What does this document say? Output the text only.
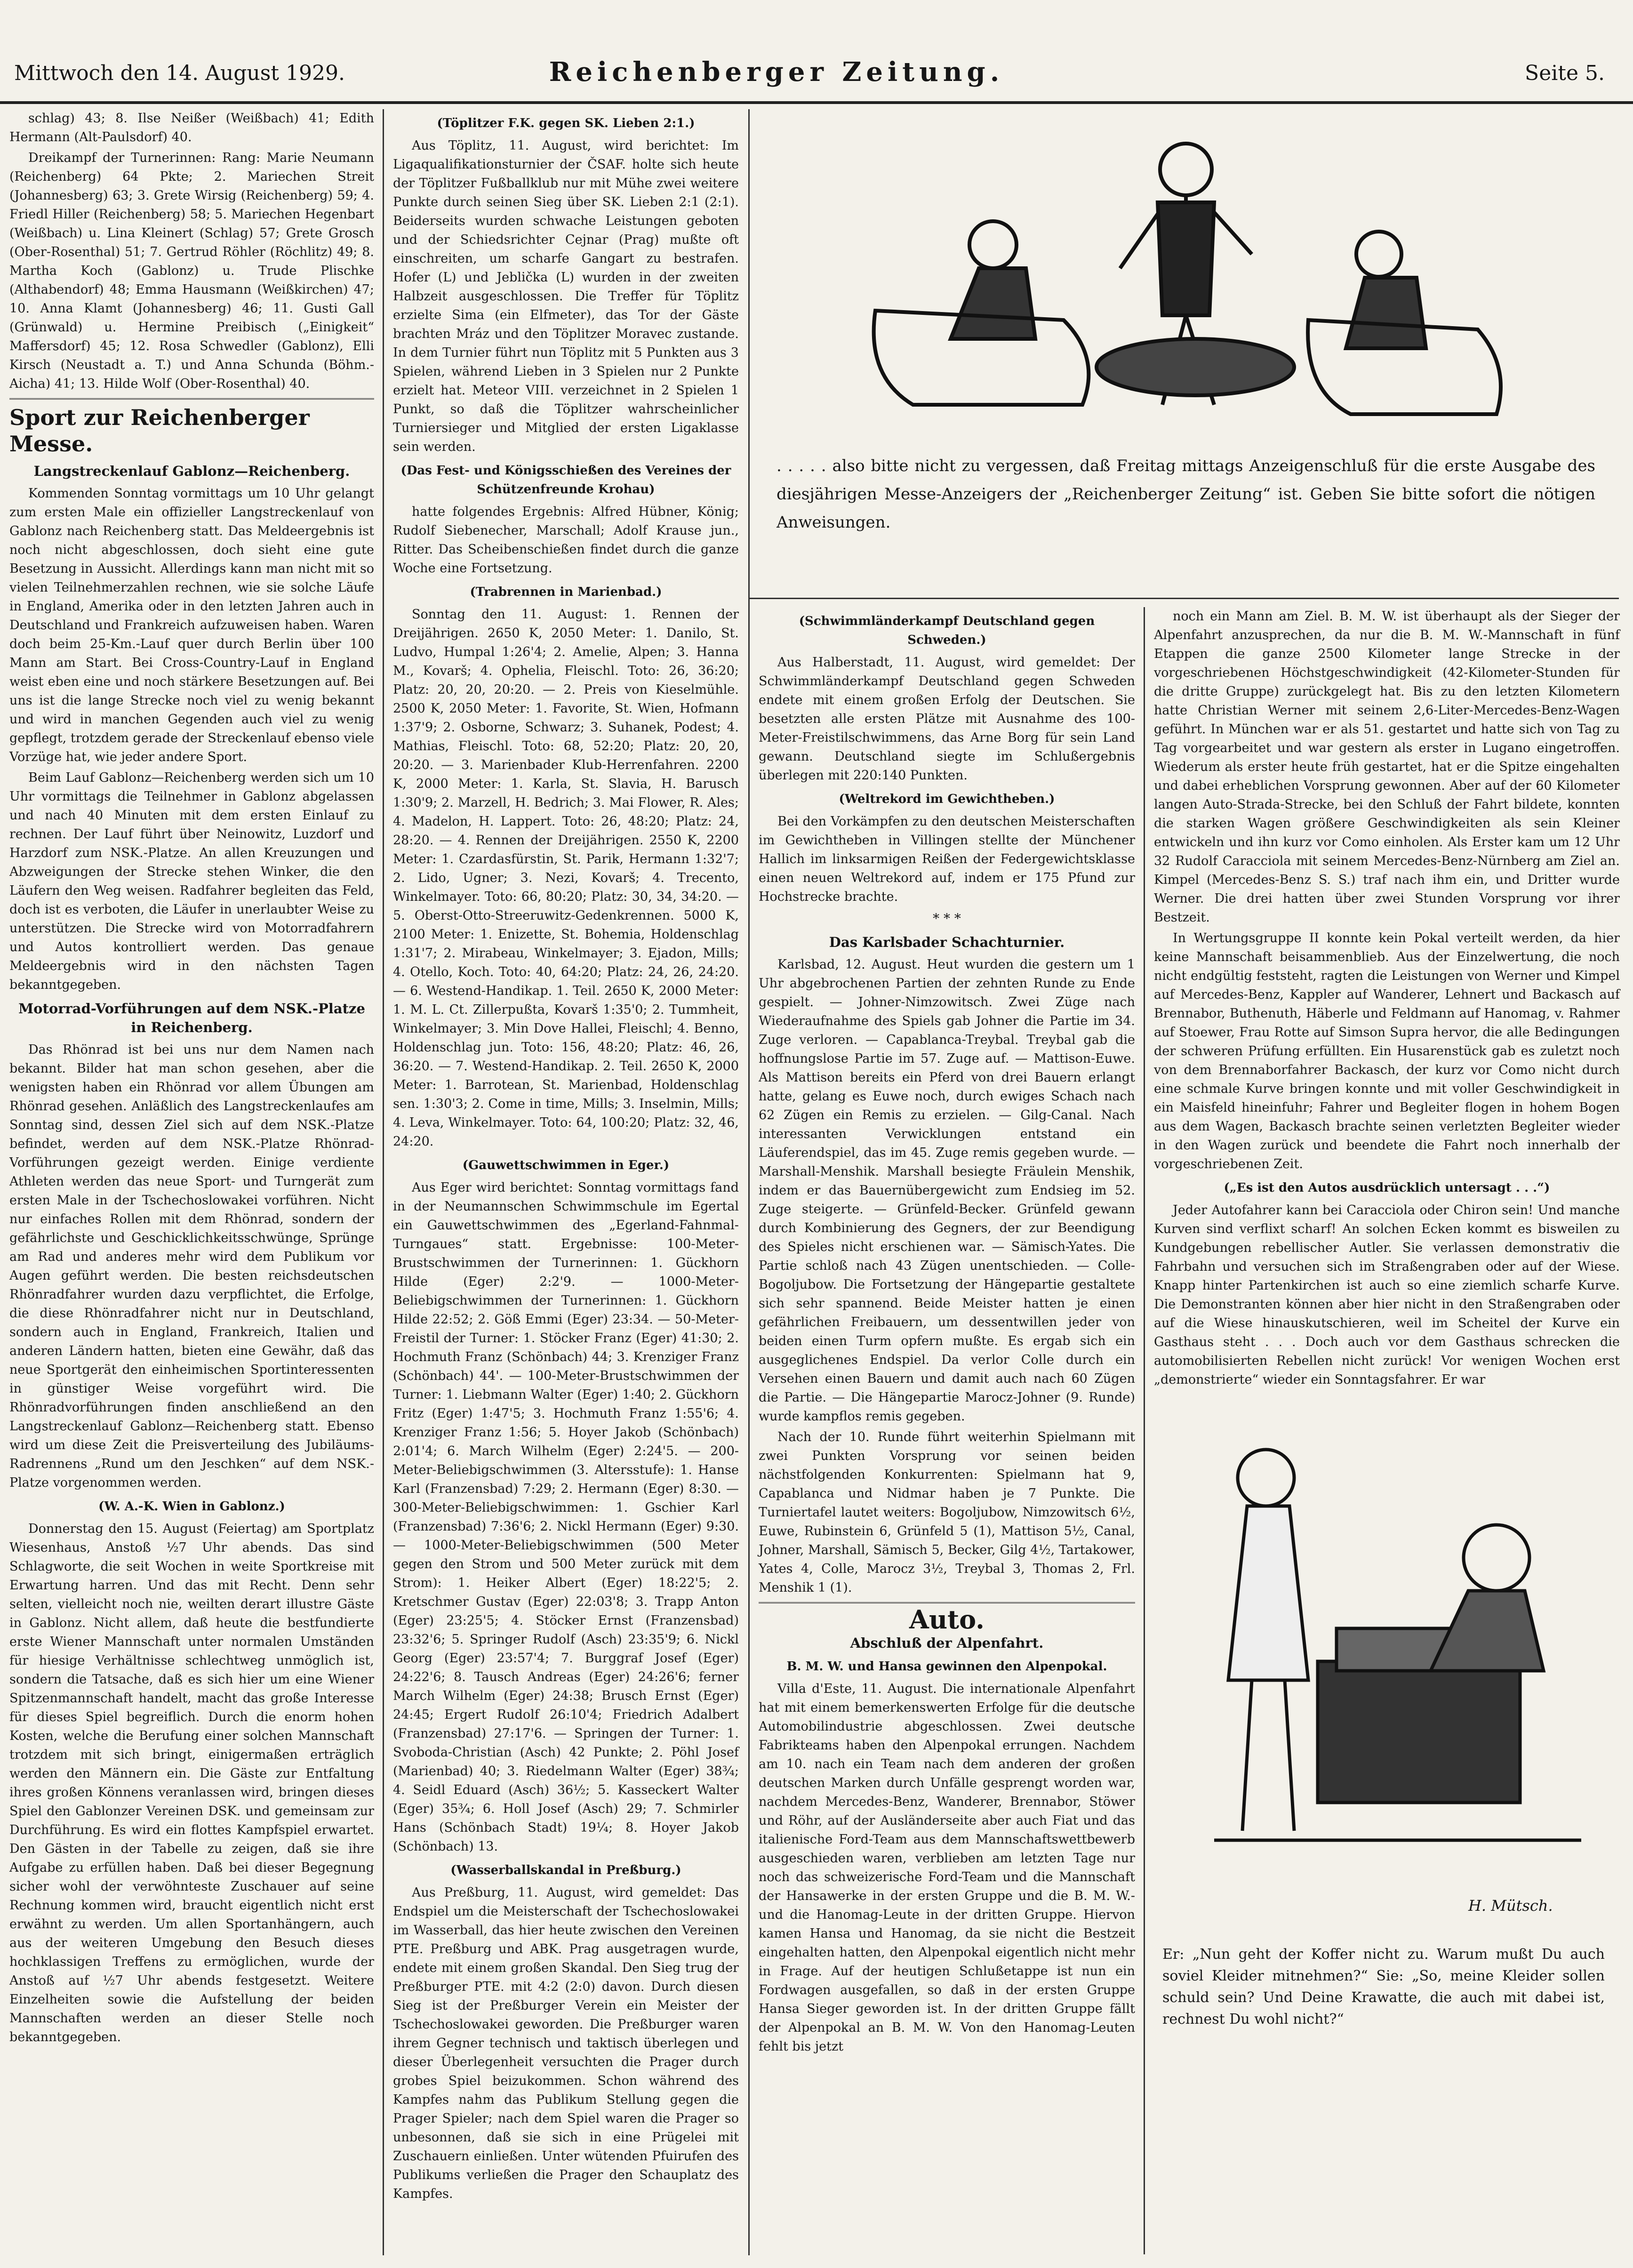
Mittwoch den 14. August 1929.	Reichenberger Zeitung.	Seite 5.

schlag) 43; 8. Ilse Neißer (Weißbach) 41; Edith Hermann (Alt-Paulsdorf) 40.

Dreikampf der Turnerinnen: Rang: Marie Neumann (Reichenberg) 64 Pkte; 2. Mariechen Streit (Johannesberg) 63; 3. Grete Wirsig (Reichenberg) 59; 4. Friedl Hiller (Reichenberg) 58; 5. Mariechen Hegenbart (Weißbach) u. Lina Kleinert (Schlag) 57; Grete Grosch (Ober-Rosenthal) 51; 7. Gertrud Röhler (Röchlitz) 49; 8. Martha Koch (Gablonz) u. Trude Plischke (Althabendorf) 48; Emma Hausmann (Weißkirchen) 47; 10. Anna Klamt (Johannesberg) 46; 11. Gusti Gall (Grünwald) u. Hermine Preibisch („Einigkeit“ Maffersdorf) 45; 12. Rosa Schwedler (Gablonz), Elli Kirsch (Neustadt a. T.) und Anna Schunda (Böhm.-Aicha) 41; 13. Hilde Wolf (Ober-Rosenthal) 40.

Sport zur Reichenberger Messe.
Langstreckenlauf Gablonz—Reichenberg.

Kommenden Sonntag vormittags um 10 Uhr gelangt zum ersten Male ein offizieller Langstreckenlauf von Gablonz nach Reichenberg statt. Das Meldeergebnis ist noch nicht abgeschlossen, doch sieht eine gute Besetzung in Aussicht. Allerdings kann man nicht mit so vielen Teilnehmerzahlen rechnen, wie sie solche Läufe in England, Amerika oder in den letzten Jahren auch in Deutschland und Frankreich aufzuweisen haben. Waren doch beim 25-Km.-Lauf quer durch Berlin über 100 Mann am Start. Bei Cross-Country-Lauf in England weist eben eine und noch stärkere Besetzungen auf. Bei uns ist die lange Strecke noch viel zu wenig bekannt und wird in manchen Gegenden auch viel zu wenig gepflegt, trotzdem gerade der Streckenlauf ebenso viele Vorzüge hat, wie jeder andere Sport.

Beim Lauf Gablonz—Reichenberg werden sich um 10 Uhr vormittags die Teilnehmer in Gablonz abgelassen und nach 40 Minuten mit dem ersten Einlauf zu rechnen. Der Lauf führt über Neinowitz, Luzdorf und Harzdorf zum NSK.-Platze. An allen Kreuzungen und Abzweigungen der Strecke stehen Winker, die den Läufern den Weg weisen. Radfahrer begleiten das Feld, doch ist es verboten, die Läufer in unerlaubter Weise zu unterstützen. Die Strecke wird von Motorradfahrern und Autos kontrolliert werden. Das genaue Meldeergebnis wird in den nächsten Tagen bekanntgegeben.

Motorrad-Vorführungen auf dem NSK.-Platze in Reichenberg.

Das Rhönrad ist bei uns nur dem Namen nach bekannt. Bilder hat man schon gesehen, aber die wenigsten haben ein Rhönrad vor allem Übungen am Rhönrad gesehen. Anläßlich des Langstreckenlaufes am Sonntag sind, dessen Ziel sich auf dem NSK.-Platze befindet, werden auf dem NSK.-Platze Rhönrad-Vorführungen gezeigt werden. Einige verdiente Athleten werden das neue Sport- und Turngerät zum ersten Male in der Tschechoslowakei vorführen. Nicht nur einfaches Rollen mit dem Rhönrad, sondern der gefährlichste und Geschicklichkeitsschwünge, Sprünge am Rad und anderes mehr wird dem Publikum vor Augen geführt werden. Die besten reichsdeutschen Rhönradfahrer wurden dazu verpflichtet, die Erfolge, die diese Rhönradfahrer nicht nur in Deutschland, sondern auch in England, Frankreich, Italien und anderen Ländern hatten, bieten eine Gewähr, daß das neue Sportgerät den einheimischen Sportinteressenten in günstiger Weise vorgeführt wird. Die Rhönradvorführungen finden anschließend an den Langstreckenlauf Gablonz—Reichenberg statt. Ebenso wird um diese Zeit die Preisverteilung des Jubiläums-Radrennens „Rund um den Jeschken“ auf dem NSK.-Platze vorgenommen werden.

(W. A.-K. Wien in Gablonz.)

Donnerstag den 15. August (Feiertag) am Sportplatz Wiesenhaus, Anstoß ½7 Uhr abends. Das sind Schlagworte, die seit Wochen in weite Sportkreise mit Erwartung harren. Und das mit Recht. Denn sehr selten, vielleicht noch nie, weilten derart illustre Gäste in Gablonz. Nicht allem, daß heute die bestfundierte erste Wiener Mannschaft unter normalen Umständen für hiesige Verhältnisse schlechtweg unmöglich ist, sondern die Tatsache, daß es sich hier um eine Wiener Spitzenmannschaft handelt, macht das große Interesse für dieses Spiel begreiflich. Durch die enorm hohen Kosten, welche die Berufung einer solchen Mannschaft trotzdem mit sich bringt, einigermaßen erträglich werden den Männern ein. Die Gäste zur Entfaltung ihres großen Könnens veranlassen wird, bringen dieses Spiel den Gablonzer Vereinen DSK. und gemeinsam zur Durchführung. Es wird ein flottes Kampfspiel erwartet. Den Gästen in der Tabelle zu zeigen, daß sie ihre Aufgabe zu erfüllen haben. Daß bei dieser Begegnung sicher wohl der verwöhnteste Zuschauer auf seine Rechnung kommen wird, braucht eigentlich nicht erst erwähnt zu werden. Um allen Sportanhängern, auch aus der weiteren Umgebung den Besuch dieses hochklassigen Treffens zu ermöglichen, wurde der Anstoß auf ½7 Uhr abends festgesetzt. Weitere Einzelheiten sowie die Aufstellung der beiden Mannschaften werden an dieser Stelle noch bekanntgegeben.

(Töplitzer F.K. gegen SK. Lieben 2:1.)

Aus Töplitz, 11. August, wird berichtet: Im Ligaqualifikationsturnier der ČSAF. holte sich heute der Töplitzer Fußballklub nur mit Mühe zwei weitere Punkte durch seinen Sieg über SK. Lieben 2:1 (2:1). Beiderseits wurden schwache Leistungen geboten und der Schiedsrichter Cejnar (Prag) mußte oft einschreiten, um scharfe Gangart zu bestrafen. Hofer (L) und Jeblička (L) wurden in der zweiten Halbzeit ausgeschlossen. Die Treffer für Töplitz erzielte Sima (ein Elfmeter), das Tor der Gäste brachten Mráz und den Töplitzer Moravec zustande. In dem Turnier führt nun Töplitz mit 5 Punkten aus 3 Spielen, während Lieben in 3 Spielen nur 2 Punkte erzielt hat. Meteor VIII. verzeichnet in 2 Spielen 1 Punkt, so daß die Töplitzer wahrscheinlicher Turniersieger und Mitglied der ersten Ligaklasse sein werden.

(Das Fest- und Königsschießen des Vereines der Schützenfreunde Krohau)

hatte folgendes Ergebnis: Alfred Hübner, König; Rudolf Siebenecher, Marschall; Adolf Krause jun., Ritter. Das Scheibenschießen findet durch die ganze Woche eine Fortsetzung.

(Trabrennen in Marienbad.)

Sonntag den 11. August: 1. Rennen der Dreijährigen. 2650 K, 2050 Meter: 1. Danilo, St. Ludvo, Humpal 1:26'4; 2. Amelie, Alpen; 3. Hanna M., Kovarš; 4. Ophelia, Fleischl. Toto: 26, 36:20; Platz: 20, 20, 20:20. — 2. Preis von Kieselmühle. 2500 K, 2050 Meter: 1. Favorite, St. Wien, Hofmann 1:37'9; 2. Osborne, Schwarz; 3. Suhanek, Podest; 4. Mathias, Fleischl. Toto: 68, 52:20; Platz: 20, 20, 20:20. — 3. Marienbader Klub-Herrenfahren. 2200 K, 2000 Meter: 1. Karla, St. Slavia, H. Barusch 1:30'9; 2. Marzell, H. Bedrich; 3. Mai Flower, R. Ales; 4. Madelon, H. Lappert. Toto: 26, 48:20; Platz: 24, 28:20. — 4. Rennen der Dreijährigen. 2550 K, 2200 Meter: 1. Czardasfürstin, St. Parik, Hermann 1:32'7; 2. Lido, Ugner; 3. Nezi, Kovarš; 4. Trecento, Winkelmayer. Toto: 66, 80:20; Platz: 30, 34, 34:20. — 5. Oberst-Otto-Streeruwitz-Gedenkrennen. 5000 K, 2100 Meter: 1. Enizette, St. Bohemia, Holdenschlag 1:31'7; 2. Mirabeau, Winkelmayer; 3. Ejadon, Mills; 4. Otello, Koch. Toto: 40, 64:20; Platz: 24, 26, 24:20. — 6. Westend-Handikap. 1. Teil. 2650 K, 2000 Meter: 1. M. L. Ct. Zillerpußta, Kovarš 1:35'0; 2. Tummheit, Winkelmayer; 3. Min Dove Hallei, Fleischl; 4. Benno, Holdenschlag jun. Toto: 156, 48:20; Platz: 46, 26, 36:20. — 7. Westend-Handikap. 2. Teil. 2650 K, 2000 Meter: 1. Barrotean, St. Marienbad, Holdenschlag sen. 1:30'3; 2. Come in time, Mills; 3. Inselmin, Mills; 4. Leva, Winkelmayer. Toto: 64, 100:20; Platz: 32, 46, 24:20.

(Gauwettschwimmen in Eger.)

Aus Eger wird berichtet: Sonntag vormittags fand in der Neumannschen Schwimmschule im Egertal ein Gauwettschwimmen des „Egerland-Fahnmal-Turngaues“ statt. Ergebnisse: 100-Meter-Brustschwimmen der Turnerinnen: 1. Gückhorn Hilde (Eger) 2:2'9. — 1000-Meter-Beliebigschwimmen der Turnerinnen: 1. Gückhorn Hilde 22:52; 2. Göß Emmi (Eger) 23:34. — 50-Meter-Freistil der Turner: 1. Stöcker Franz (Eger) 41:30; 2. Hochmuth Franz (Schönbach) 44; 3. Krenziger Franz (Schönbach) 44'. — 100-Meter-Brustschwimmen der Turner: 1. Liebmann Walter (Eger) 1:40; 2. Gückhorn Fritz (Eger) 1:47'5; 3. Hochmuth Franz 1:55'6; 4. Krenziger Franz 1:56; 5. Hoyer Jakob (Schönbach) 2:01'4; 6. March Wilhelm (Eger) 2:24'5. — 200-Meter-Beliebigschwimmen (3. Altersstufe): 1. Hanse Karl (Franzensbad) 7:29; 2. Hermann (Eger) 8:30. — 300-Meter-Beliebigschwimmen: 1. Gschier Karl (Franzensbad) 7:36'6; 2. Nickl Hermann (Eger) 9:30. — 1000-Meter-Beliebigschwimmen (500 Meter gegen den Strom und 500 Meter zurück mit dem Strom): 1. Heiker Albert (Eger) 18:22'5; 2. Kretschmer Gustav (Eger) 22:03'8; 3. Trapp Anton (Eger) 23:25'5; 4. Stöcker Ernst (Franzensbad) 23:32'6; 5. Springer Rudolf (Asch) 23:35'9; 6. Nickl Georg (Eger) 23:57'4; 7. Burggraf Josef (Eger) 24:22'6; 8. Tausch Andreas (Eger) 24:26'6; ferner March Wilhelm (Eger) 24:38; Brusch Ernst (Eger) 24:45; Ergert Rudolf 26:10'4; Friedrich Adalbert (Franzensbad) 27:17'6. — Springen der Turner: 1. Svoboda-Christian (Asch) 42 Punkte; 2. Pöhl Josef (Marienbad) 40; 3. Riedelmann Walter (Eger) 38¾; 4. Seidl Eduard (Asch) 36½; 5. Kasseckert Walter (Eger) 35¾; 6. Holl Josef (Asch) 29; 7. Schmirler Hans (Schönbach Stadt) 19¼; 8. Hoyer Jakob (Schönbach) 13.

(Wasserballskandal in Preßburg.)

Aus Preßburg, 11. August, wird gemeldet: Das Endspiel um die Meisterschaft der Tschechoslowakei im Wasserball, das hier heute zwischen den Vereinen PTE. Preßburg und ABK. Prag ausgetragen wurde, endete mit einem großen Skandal. Den Sieg trug der Preßburger PTE. mit 4:2 (2:0) davon. Durch diesen Sieg ist der Preßburger Verein ein Meister der Tschechoslowakei geworden. Die Preßburger waren ihrem Gegner technisch und taktisch überlegen und dieser Überlegenheit versuchten die Prager durch grobes Spiel beizukommen. Schon während des Kampfes nahm das Publikum Stellung gegen die Prager Spieler; nach dem Spiel waren die Prager so unbesonnen, daß sie sich in eine Prügelei mit Zuschauern einließen. Unter wütenden Pfuirufen des Publikums verließen die Prager den Schauplatz des Kampfes.

. . . . . also bitte nicht zu vergessen, daß Freitag mittags Anzeigenschluß für die erste Ausgabe des diesjährigen Messe-Anzeigers der „Reichenberger Zeitung“ ist. Geben Sie bitte sofort die nötigen Anweisungen.
(Schwimmländerkampf Deutschland gegen Schweden.)

Aus Halberstadt, 11. August, wird gemeldet: Der Schwimmländerkampf Deutschland gegen Schweden endete mit einem großen Erfolg der Deutschen. Sie besetzten alle ersten Plätze mit Ausnahme des 100-Meter-Freistilschwimmens, das Arne Borg für sein Land gewann. Deutschland siegte im Schlußergebnis überlegen mit 220:140 Punkten.

(Weltrekord im Gewichtheben.)

Bei den Vorkämpfen zu den deutschen Meisterschaften im Gewichtheben in Villingen stellte der Münchener Hallich im linksarmigen Reißen der Federgewichtsklasse einen neuen Weltrekord auf, indem er 175 Pfund zur Hochstrecke brachte.

* * *
Das Karlsbader Schachturnier.

Karlsbad, 12. August. Heut wurden die gestern um 1 Uhr abgebrochenen Partien der zehnten Runde zu Ende gespielt. — Johner-Nimzowitsch. Zwei Züge nach Wiederaufnahme des Spiels gab Johner die Partie im 34. Zuge verloren. — Capablanca-Treybal. Treybal gab die hoffnungslose Partie im 57. Zuge auf. — Mattison-Euwe. Als Mattison bereits ein Pferd von drei Bauern erlangt hatte, gelang es Euwe noch, durch ewiges Schach nach 62 Zügen ein Remis zu erzielen. — Gilg-Canal. Nach interessanten Verwicklungen entstand ein Läuferendspiel, das im 45. Zuge remis gegeben wurde. — Marshall-Menshik. Marshall besiegte Fräulein Menshik, indem er das Bauernübergewicht zum Endsieg im 52. Zuge steigerte. — Grünfeld-Becker. Grünfeld gewann durch Kombinierung des Gegners, der zur Beendigung des Spieles nicht erschienen war. — Sämisch-Yates. Die Partie schloß nach 43 Zügen unentschieden. — Colle-Bogoljubow. Die Fortsetzung der Hängepartie gestaltete sich sehr spannend. Beide Meister hatten je einen gefährlichen Freibauern, um dessentwillen jeder von beiden einen Turm opfern mußte. Es ergab sich ein ausgeglichenes Endspiel. Da verlor Colle durch ein Versehen einen Bauern und damit auch nach 60 Zügen die Partie. — Die Hängepartie Marocz-Johner (9. Runde) wurde kampflos remis gegeben.

Nach der 10. Runde führt weiterhin Spielmann mit zwei Punkten Vorsprung vor seinen beiden nächstfolgenden Konkurrenten: Spielmann hat 9, Capablanca und Nidmar haben je 7 Punkte. Die Turniertafel lautet weiters: Bogoljubow, Nimzowitsch 6½, Euwe, Rubinstein 6, Grünfeld 5 (1), Mattison 5½, Canal, Johner, Marshall, Sämisch 5, Becker, Gilg 4½, Tartakower, Yates 4, Colle, Marocz 3½, Treybal 3, Thomas 2, Frl. Menshik 1 (1).

Auto.
Abschluß der Alpenfahrt.
B. M. W. und Hansa gewinnen den Alpenpokal.

Villa d'Este, 11. August. Die internationale Alpenfahrt hat mit einem bemerkenswerten Erfolge für die deutsche Automobilindustrie abgeschlossen. Zwei deutsche Fabrikteams haben den Alpenpokal errungen. Nachdem am 10. nach ein Team nach dem anderen der großen deutschen Marken durch Unfälle gesprengt worden war, nachdem Mercedes-Benz, Wanderer, Brennabor, Stöwer und Röhr, auf der Ausländerseite aber auch Fiat und das italienische Ford-Team aus dem Mannschaftswettbewerb ausgeschieden waren, verblieben am letzten Tage nur noch das schweizerische Ford-Team und die Mannschaft der Hansawerke in der ersten Gruppe und die B. M. W.- und die Hanomag-Leute in der dritten Gruppe. Hiervon kamen Hansa und Hanomag, da sie nicht die Bestzeit eingehalten hatten, den Alpenpokal eigentlich nicht mehr in Frage. Auf der heutigen Schlußetappe ist nun ein Fordwagen ausgefallen, so daß in der ersten Gruppe Hansa Sieger geworden ist. In der dritten Gruppe fällt der Alpenpokal an B. M. W. Von den Hanomag-Leuten fehlt bis jetzt

noch ein Mann am Ziel. B. M. W. ist überhaupt als der Sieger der Alpenfahrt anzusprechen, da nur die B. M. W.-Mannschaft in fünf Etappen die ganze 2500 Kilometer lange Strecke in der vorgeschriebenen Höchstgeschwindigkeit (42-Kilometer-Stunden für die dritte Gruppe) zurückgelegt hat. Bis zu den letzten Kilometern hatte Christian Werner mit seinem 2,6-Liter-Mercedes-Benz-Wagen geführt. In München war er als 51. gestartet und hatte sich von Tag zu Tag vorgearbeitet und war gestern als erster in Lugano eingetroffen. Wiederum als erster heute früh gestartet, hat er die Spitze eingehalten und dabei erheblichen Vorsprung gewonnen. Aber auf der 60 Kilometer langen Auto-Strada-Strecke, bei den Schluß der Fahrt bildete, konnten die starken Wagen größere Geschwindigkeiten als sein Kleiner entwickeln und ihn kurz vor Como einholen. Als Erster kam um 12 Uhr 32 Rudolf Caracciola mit seinem Mercedes-Benz-Nürnberg am Ziel an. Kimpel (Mercedes-Benz S. S.) traf nach ihm ein, und Dritter wurde Werner. Die drei hatten über zwei Stunden Vorsprung vor ihrer Bestzeit.

In Wertungsgruppe II konnte kein Pokal verteilt werden, da hier keine Mannschaft beisammenblieb. Aus der Einzelwertung, die noch nicht endgültig feststeht, ragten die Leistungen von Werner und Kimpel auf Mercedes-Benz, Kappler auf Wanderer, Lehnert und Backasch auf Brennabor, Buthenuth, Häberle und Feldmann auf Hanomag, v. Rahmer auf Stoewer, Frau Rotte auf Simson Supra hervor, die alle Bedingungen der schweren Prüfung erfüllten. Ein Husarenstück gab es zuletzt noch von dem Brennaborfahrer Backasch, der kurz vor Como nicht durch eine schmale Kurve bringen konnte und mit voller Geschwindigkeit in ein Maisfeld hineinfuhr; Fahrer und Begleiter flogen in hohem Bogen aus dem Wagen, Backasch brachte seinen verletzten Begleiter wieder in den Wagen zurück und beendete die Fahrt noch innerhalb der vorgeschriebenen Zeit.

(„Es ist den Autos ausdrücklich untersagt . . .“)

Jeder Autofahrer kann bei Caracciola oder Chiron sein! Und manche Kurven sind verflixt scharf! An solchen Ecken kommt es bisweilen zu Kundgebungen rebellischer Autler. Sie verlassen demonstrativ die Fahrbahn und versuchen sich im Straßengraben oder auf der Wiese. Knapp hinter Partenkirchen ist auch so eine ziemlich scharfe Kurve. Die Demonstranten können aber hier nicht in den Straßengraben oder auf die Wiese hinauskutschieren, weil im Scheitel der Kurve ein Gasthaus steht . . . Doch auch vor dem Gasthaus schrecken die automobilisierten Rebellen nicht zurück! Vor wenigen Wochen erst „demonstrierte“ wieder ein Sonntagsfahrer. Er war

H. Mütsch.
Er: „Nun geht der Koffer nicht zu. Warum mußt Du auch soviel Kleider mitnehmen?“ Sie: „So, meine Kleider sollen schuld sein? Und Deine Krawatte, die auch mit dabei ist, rechnest Du wohl nicht?“
